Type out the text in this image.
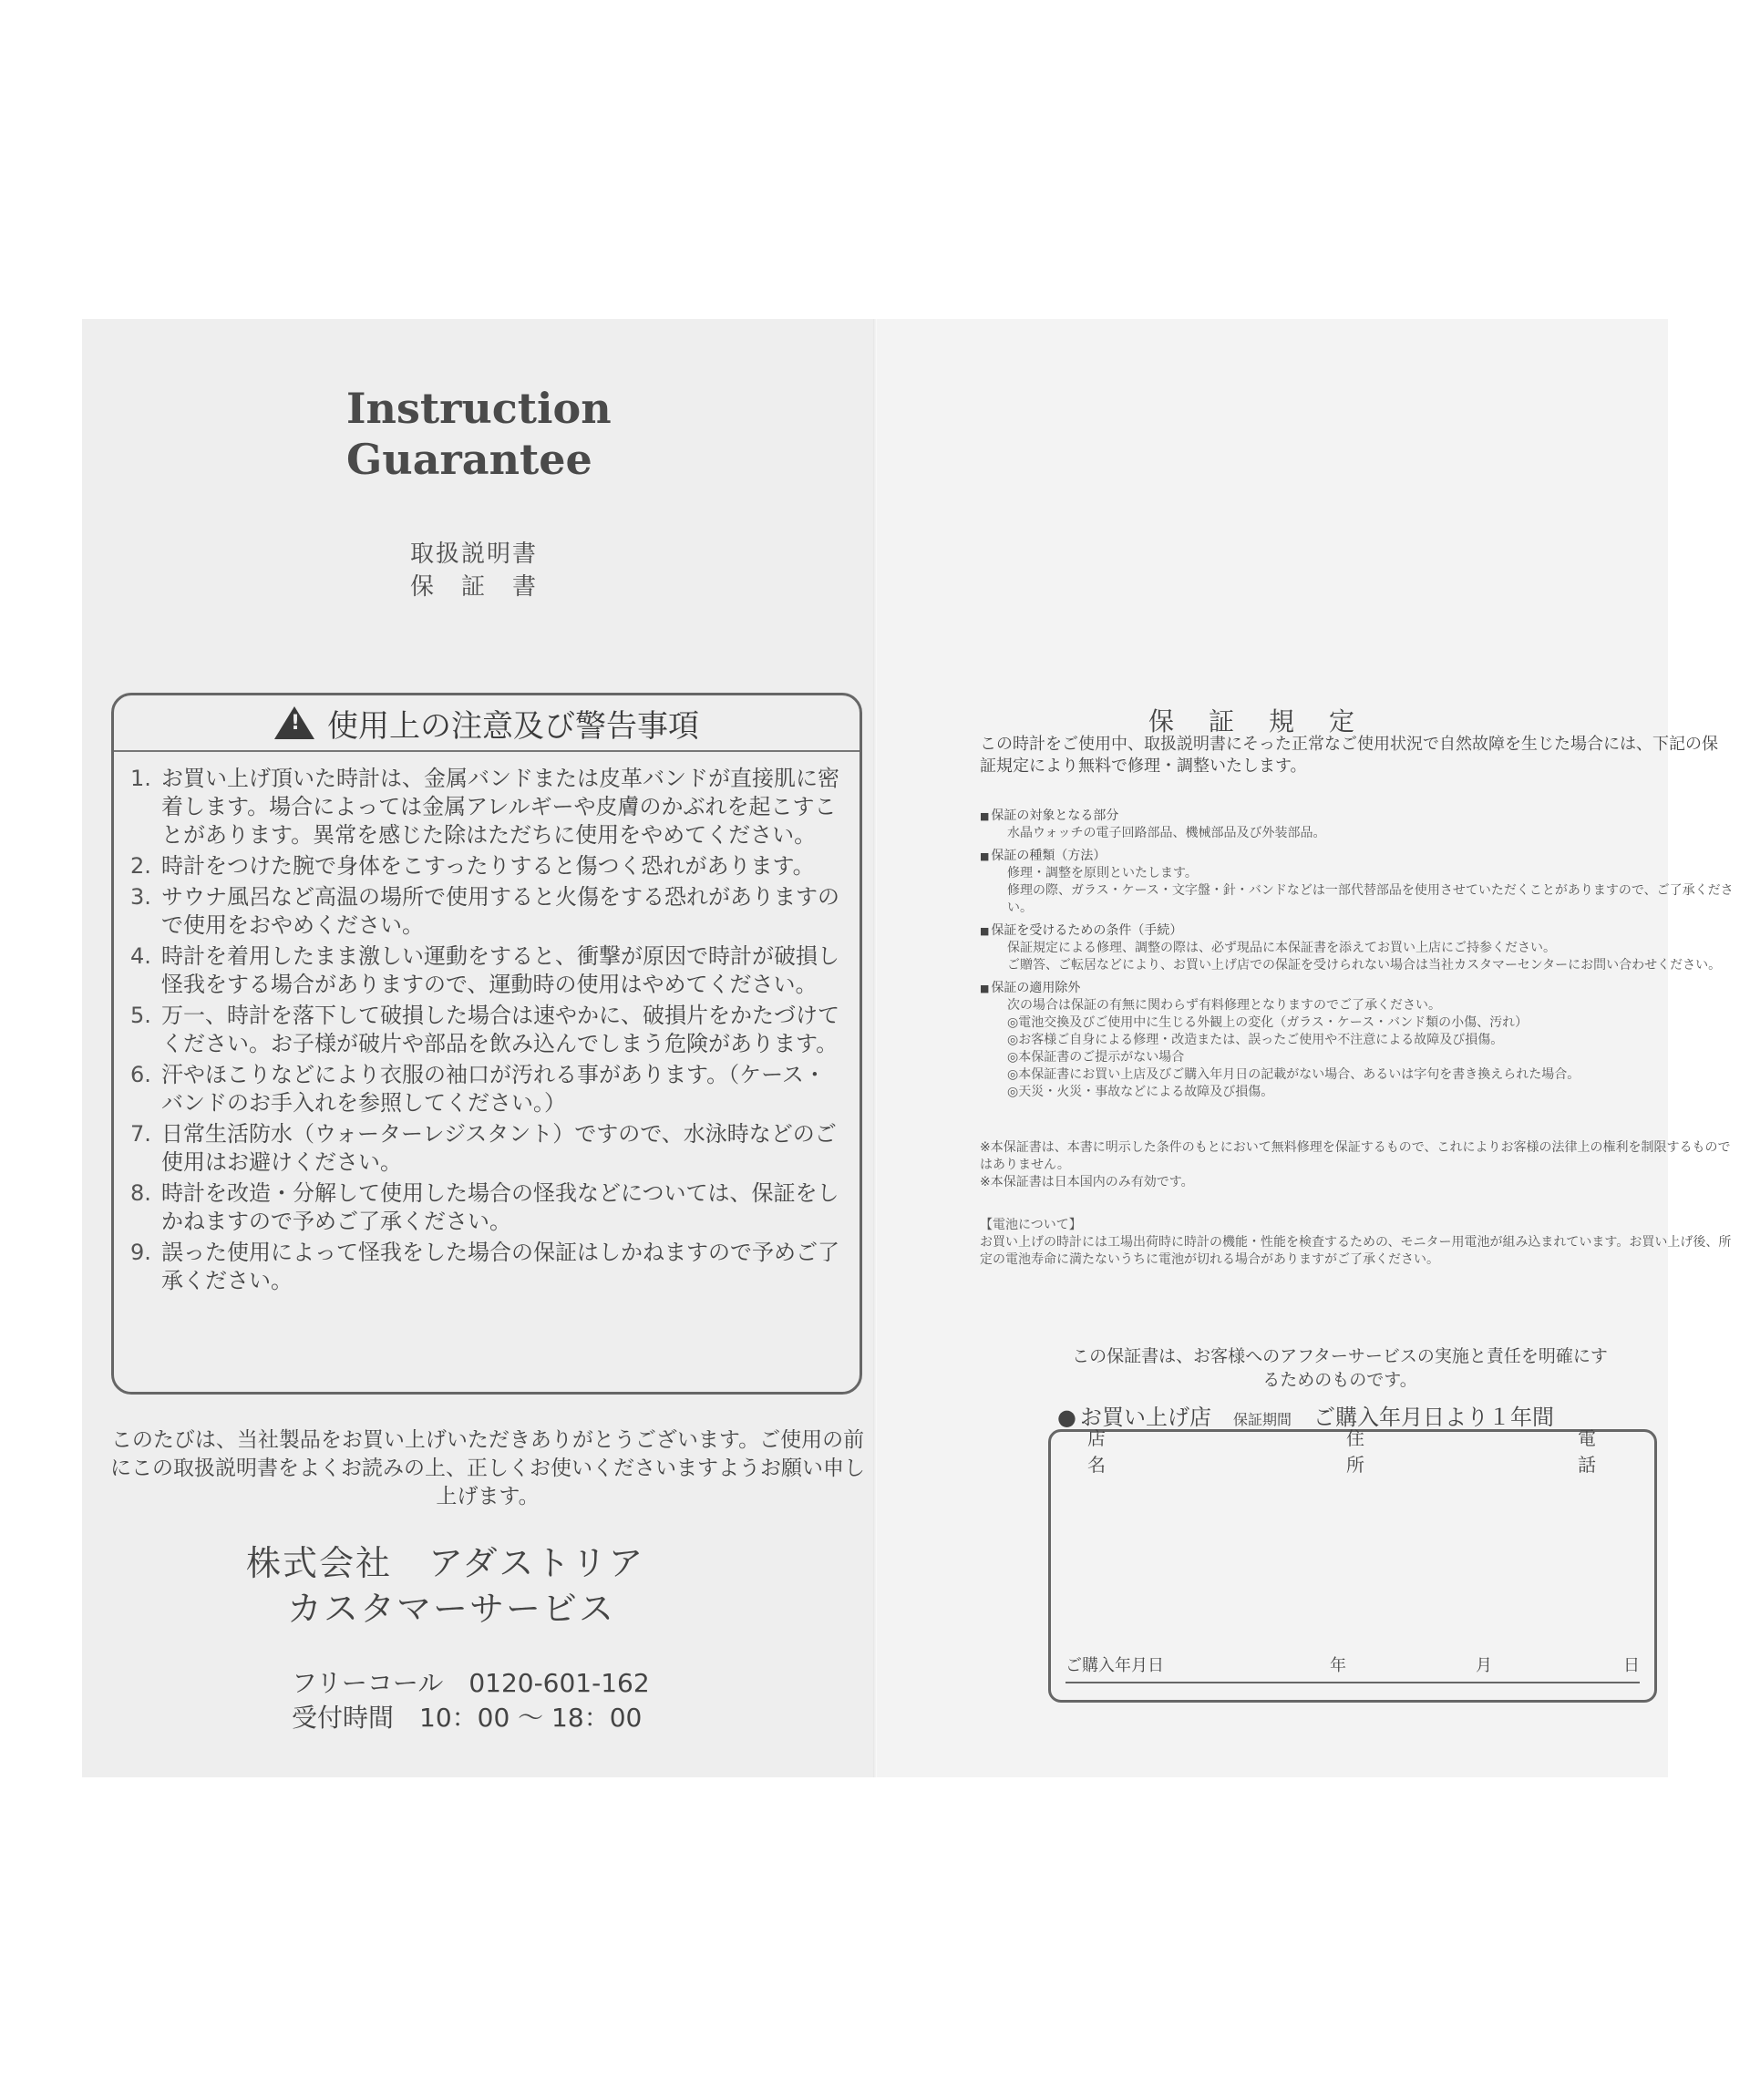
Instruction
Guarantee
取扱説明書
保　証　書
!
使用上の注意及び警告事項
1. お買い上げ頂いた時計は、金属バンドまたは皮革バンドが直接肌に密着します。場合によっては金属アレルギーや皮膚のかぶれを起こすことがあります。異常を感じた除はただちに使用をやめてください。
2. 時計をつけた腕で身体をこすったりすると傷つく恐れがあります。
3. サウナ風呂など高温の場所で使用すると火傷をする恐れがありますので使用をおやめください。
4. 時計を着用したまま激しい運動をすると、衝撃が原因で時計が破損し怪我をする場合がありますので、運動時の使用はやめてください。
5. 万一、時計を落下して破損した場合は速やかに、破損片をかたづけてください。お子様が破片や部品を飲み込んでしまう危険があります。
6. 汗やほこりなどにより衣服の袖口が汚れる事があります。（ケース・バンドのお手入れを参照してください。）
7. 日常生活防水（ウォーターレジスタント）ですので、水泳時などのご使用はお避けください。
8. 時計を改造・分解して使用した場合の怪我などについては、保証をしかねますので予めご了承ください。
9. 誤った使用によって怪我をした場合の保証はしかねますので予めご了承ください。
このたびは、当社製品をお買い上げいただきありがとうございます。ご使用の前にこの取扱説明書をよくお読みの上、正しくお使いくださいますようお願い申し上げます。
株式会社　アダストリア
カスタマーサービス
フリーコール　0120-601-162
受付時間　10：00 ～ 18：00
保証規定
この時計をご使用中、取扱説明書にそった正常なご使用状況で自然故障を生じた場合には、下記の保証規定により無料で修理・調整いたします。
■ 保証の対象となる部分
水晶ウォッチの電子回路部品、機械部品及び外装部品。
■ 保証の種類（方法）
修理・調整を原則といたします。
修理の際、ガラス・ケース・文字盤・針・バンドなどは一部代替部品を使用させていただくことがありますので、ご了承ください。
■ 保証を受けるための条件（手続）
保証規定による修理、調整の際は、必ず現品に本保証書を添えてお買い上店にご持参ください。
ご贈答、ご転居などにより、お買い上げ店での保証を受けられない場合は当社カスタマーセンターにお問い合わせください。
■ 保証の適用除外
次の場合は保証の有無に関わらず有料修理となりますのでご了承ください。
◎電池交換及びご使用中に生じる外観上の変化（ガラス・ケース・バンド類の小傷、汚れ）
◎お客様ご自身による修理・改造または、誤ったご使用や不注意による故障及び損傷。
◎本保証書のご提示がない場合
◎本保証書にお買い上店及びご購入年月日の記載がない場合、あるいは字句を書き換えられた場合。
◎天災・火災・事故などによる故障及び損傷。
※本保証書は、本書に明示した条件のもとにおいて無料修理を保証するもので、これによりお客様の法律上の権利を制限するものではありません。
※本保証書は日本国内のみ有効です。
【電池について】
お買い上げの時計には工場出荷時に時計の機能・性能を検査するための、モニター用電池が組み込まれています。お買い上げ後、所定の電池寿命に満たないうちに電池が切れる場合がありますがご了承ください。
この保証書は、お客様へのアフターサービスの実施と責任を明確にするためのものです。
● お買い上げ店 保証期間 ご購入年月日より１年間
店　名
住　所
電　話
ご購入年月日	年	月	日
